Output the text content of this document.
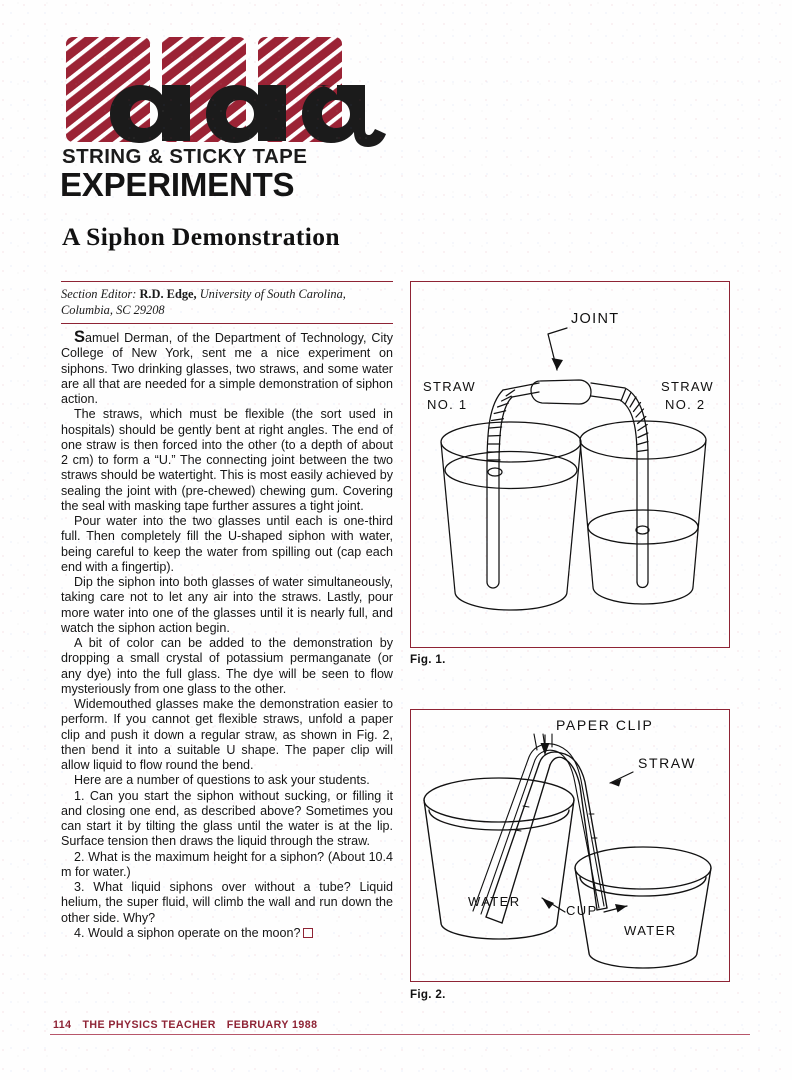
STRING & STICKY TAPE
EXPERIMENTS
A Siphon Demonstration
Section Editor: R.D. Edge, University of South Carolina,
Columbia, SC 29208

Samuel Derman, of the Department of Technology, City College of New York, sent me a nice experiment on siphons. Two drinking glasses, two straws, and some water are all that are needed for a simple demonstration of siphon action.

The straws, which must be flexible (the sort used in hospitals) should be gently bent at right angles. The end of one straw is then forced into the other (to a depth of about 2 cm) to form a “U.” The connecting joint between the two straws should be watertight. This is most easily achieved by sealing the joint with (pre-chewed) chewing gum. Covering the seal with masking tape further assures a tight joint.

Pour water into the two glasses until each is one-third full. Then completely fill the U-shaped siphon with water, being careful to keep the water from spilling out (cap each end with a fingertip).

Dip the siphon into both glasses of water simultaneously, taking care not to let any air into the straws. Lastly, pour more water into one of the glasses until it is nearly full, and watch the siphon action begin.

A bit of color can be added to the demonstration by dropping a small crystal of potassium permanganate (or any dye) into the full glass. The dye will be seen to flow mysteriously from one glass to the other.

Widemouthed glasses make the demonstration easier to perform. If you cannot get flexible straws, unfold a paper clip and push it down a regular straw, as shown in Fig. 2, then bend it into a suitable U shape. The paper clip will allow liquid to flow round the bend.

Here are a number of questions to ask your students.

1. Can you start the siphon without sucking, or filling it and closing one end, as described above? Sometimes you can start it by tilting the glass until the water is at the lip. Surface tension then draws the liquid through the straw.

2. What is the maximum height for a siphon? (About 10.4 m for water.)

3. What liquid siphons over without a tube? Liquid helium, the super fluid, will climb the wall and run down the other side. Why?

4. Would a siphon operate on the moon?

JOINT
STRAW
NO. 1
STRAW
NO. 2
Fig. 1.
PAPER CLIP
STRAW
WATER
WATER
CUP
Fig. 2.
114 THE PHYSICS TEACHER FEBRUARY 1988
